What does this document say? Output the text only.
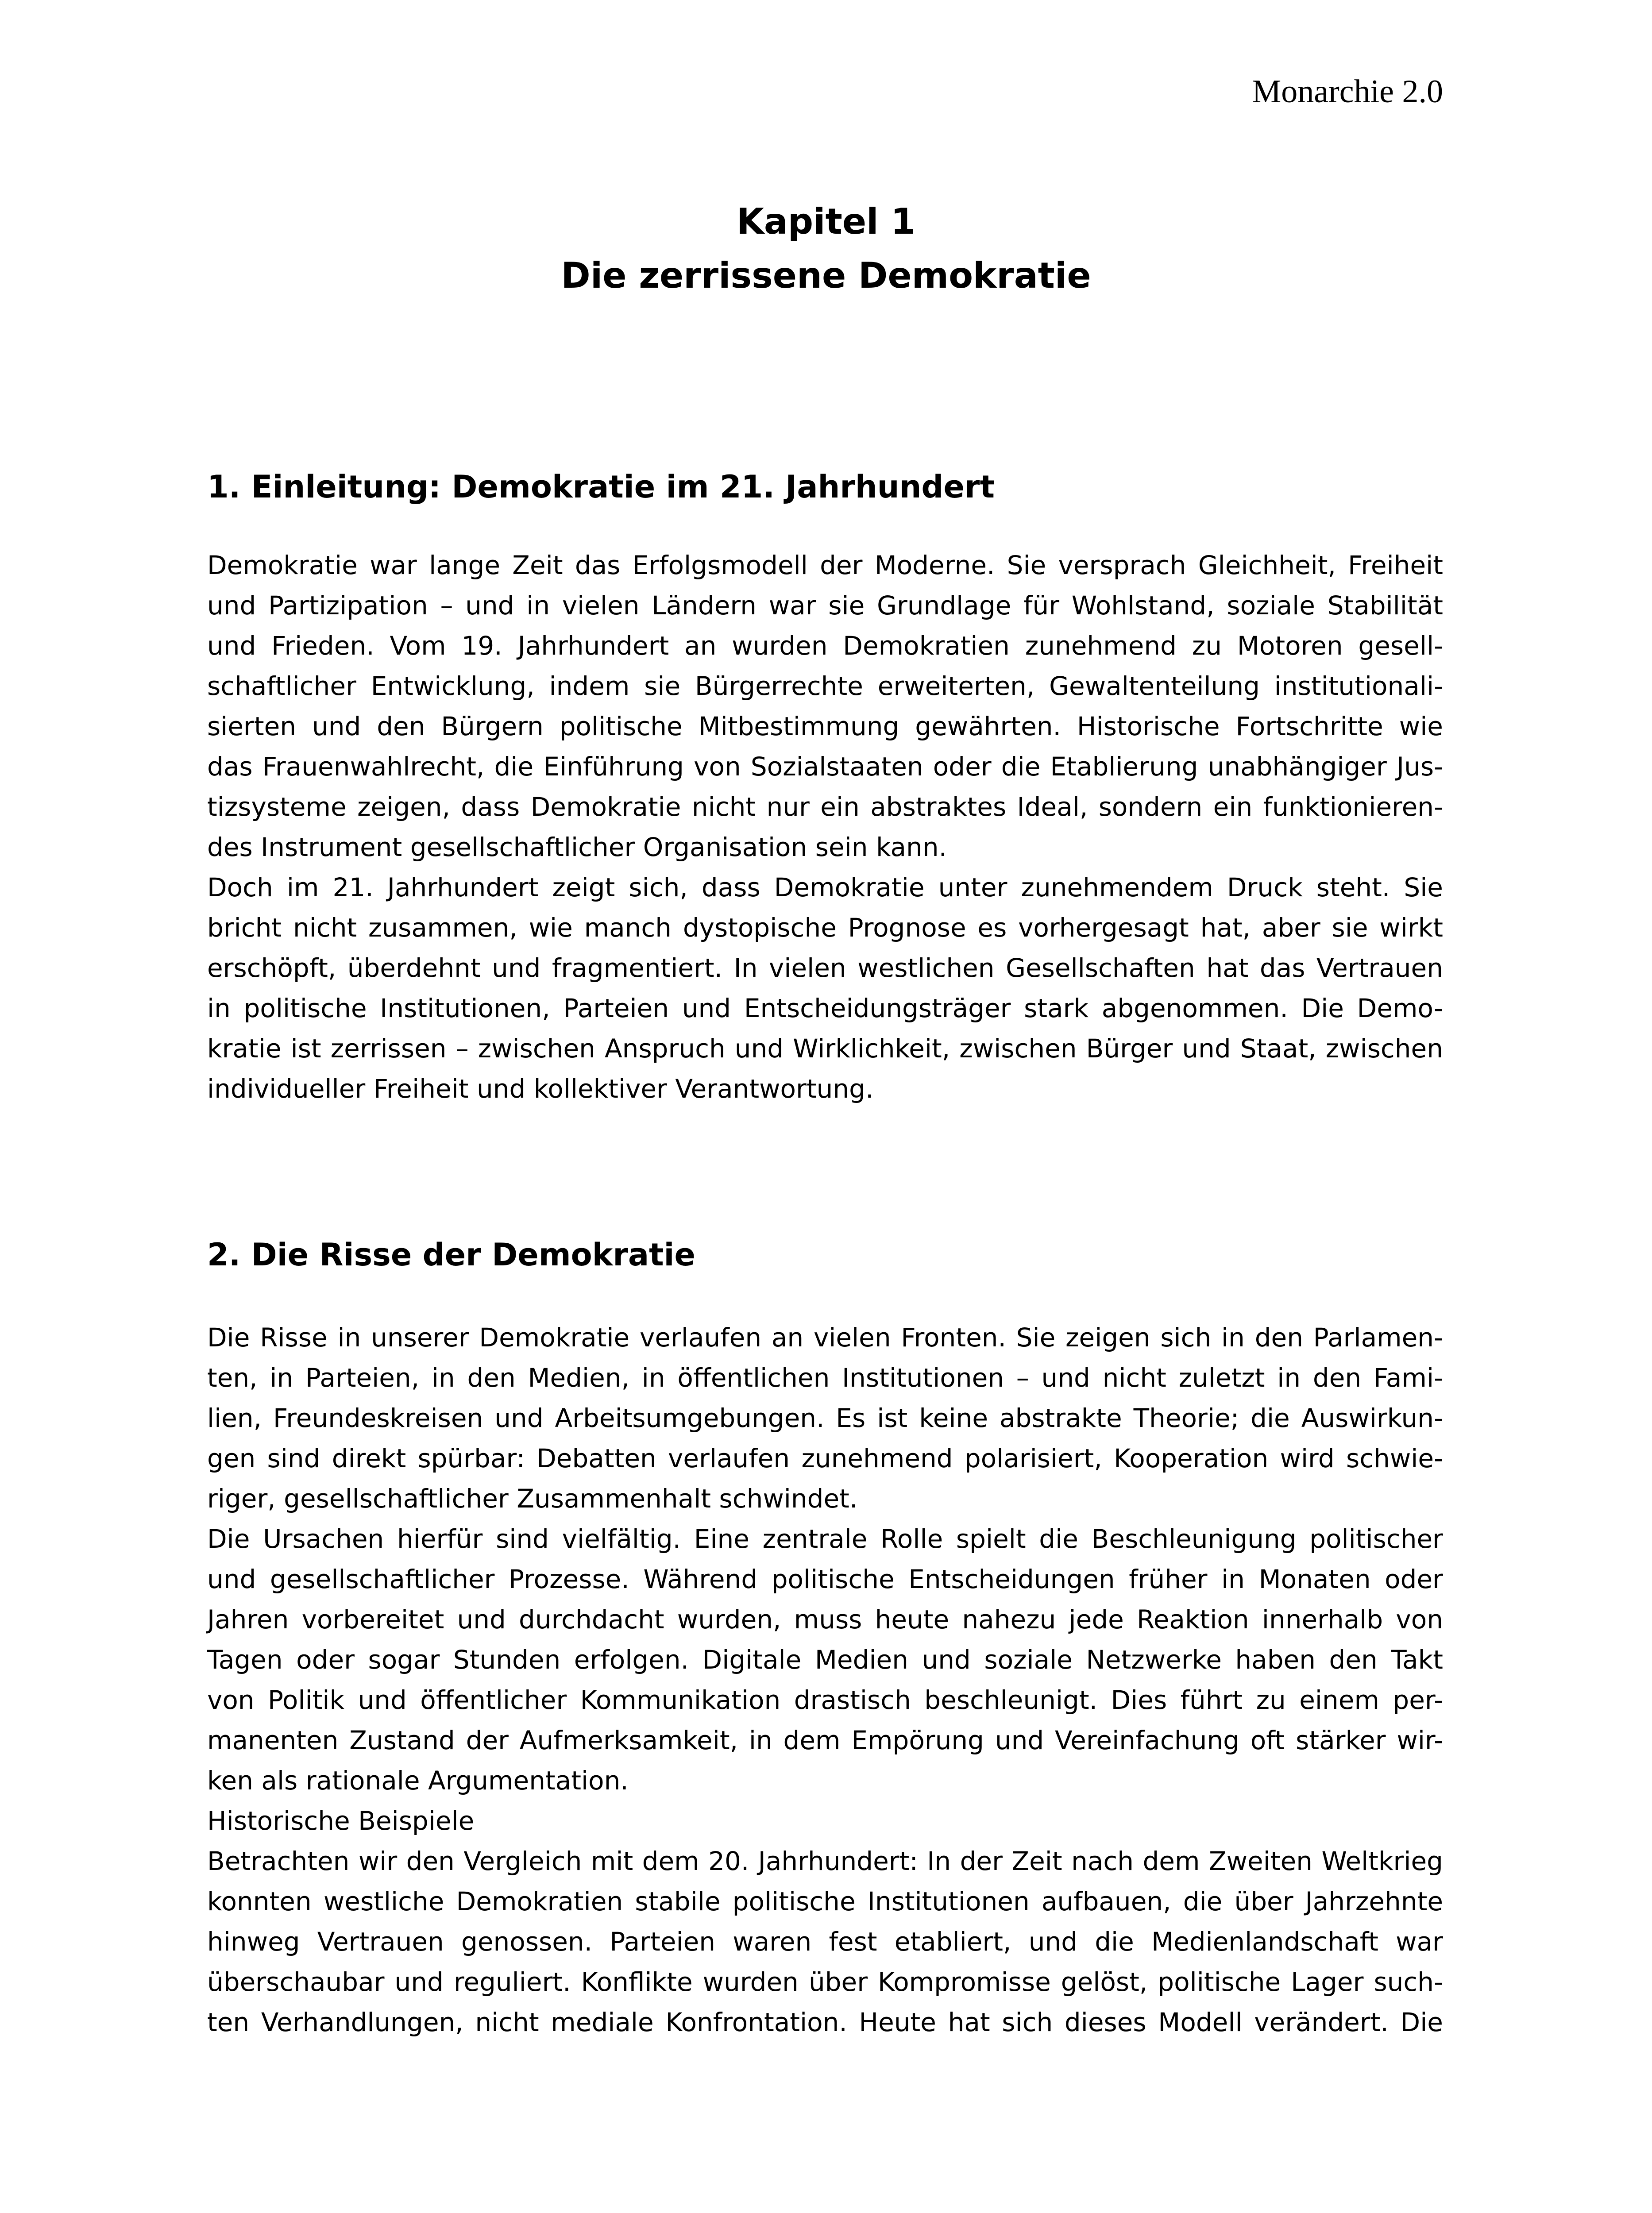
Monarchie 2.0
Kapitel 1
Die zerrissene Demokratie
1. Einleitung: Demokratie im 21. Jahrhundert
Demokratie war lange Zeit das Erfolgsmodell der Moderne. Sie versprach Gleichheit, Freiheit
und Partizipation – und in vielen Ländern war sie Grundlage für Wohlstand, soziale Stabilität
und Frieden. Vom 19. Jahrhundert an wurden Demokratien zunehmend zu Motoren gesell-
schaftlicher Entwicklung, indem sie Bürgerrechte erweiterten, Gewaltenteilung institutionali-
sierten und den Bürgern politische Mitbestimmung gewährten. Historische Fortschritte wie
das Frauenwahlrecht, die Einführung von Sozialstaaten oder die Etablierung unabhängiger Jus-
tizsysteme zeigen, dass Demokratie nicht nur ein abstraktes Ideal, sondern ein funktionieren-
des Instrument gesellschaftlicher Organisation sein kann.
Doch im 21. Jahrhundert zeigt sich, dass Demokratie unter zunehmendem Druck steht. Sie
bricht nicht zusammen, wie manch dystopische Prognose es vorhergesagt hat, aber sie wirkt
erschöpft, überdehnt und fragmentiert. In vielen westlichen Gesellschaften hat das Vertrauen
in politische Institutionen, Parteien und Entscheidungsträger stark abgenommen. Die Demo-
kratie ist zerrissen – zwischen Anspruch und Wirklichkeit, zwischen Bürger und Staat, zwischen
individueller Freiheit und kollektiver Verantwortung.
2. Die Risse der Demokratie
Die Risse in unserer Demokratie verlaufen an vielen Fronten. Sie zeigen sich in den Parlamen-
ten, in Parteien, in den Medien, in öffentlichen Institutionen – und nicht zuletzt in den Fami-
lien, Freundeskreisen und Arbeitsumgebungen. Es ist keine abstrakte Theorie; die Auswirkun-
gen sind direkt spürbar: Debatten verlaufen zunehmend polarisiert, Kooperation wird schwie-
riger, gesellschaftlicher Zusammenhalt schwindet.
Die Ursachen hierfür sind vielfältig. Eine zentrale Rolle spielt die Beschleunigung politischer
und gesellschaftlicher Prozesse. Während politische Entscheidungen früher in Monaten oder
Jahren vorbereitet und durchdacht wurden, muss heute nahezu jede Reaktion innerhalb von
Tagen oder sogar Stunden erfolgen. Digitale Medien und soziale Netzwerke haben den Takt
von Politik und öffentlicher Kommunikation drastisch beschleunigt. Dies führt zu einem per-
manenten Zustand der Aufmerksamkeit, in dem Empörung und Vereinfachung oft stärker wir-
ken als rationale Argumentation.
Historische Beispiele
Betrachten wir den Vergleich mit dem 20. Jahrhundert: In der Zeit nach dem Zweiten Weltkrieg
konnten westliche Demokratien stabile politische Institutionen aufbauen, die über Jahrzehnte
hinweg Vertrauen genossen. Parteien waren fest etabliert, und die Medienlandschaft war
überschaubar und reguliert. Konflikte wurden über Kompromisse gelöst, politische Lager such-
ten Verhandlungen, nicht mediale Konfrontation. Heute hat sich dieses Modell verändert. Die
